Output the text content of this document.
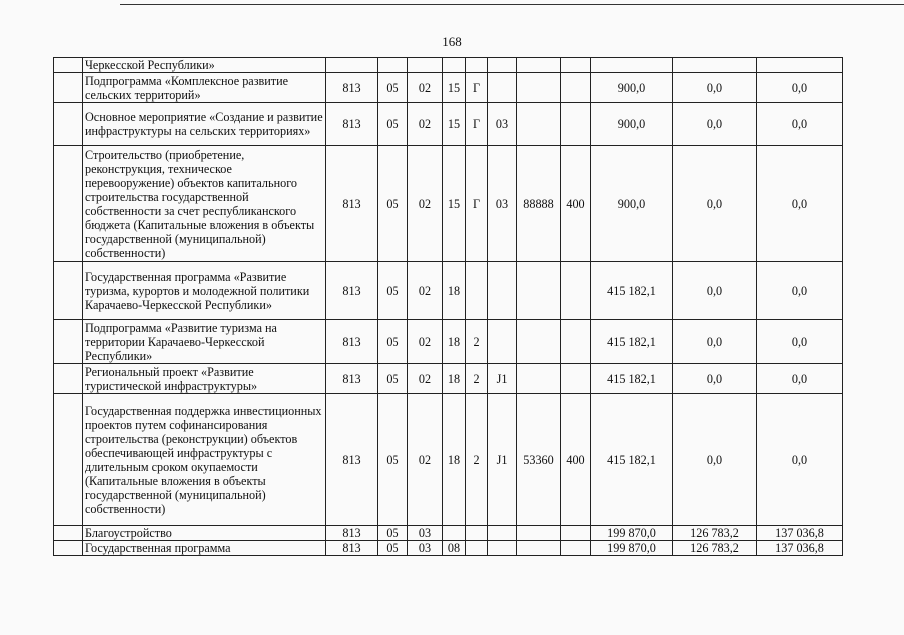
168
	Черкесской Республики»											
	Подпрограмма «Комплексное развитие сельских территорий»	813	05	02	15	Г				900,0	0,0	0,0
	Основное мероприятие «Создание и развитие инфраструктуры на сельских территориях»	813	05	02	15	Г	03			900,0	0,0	0,0
	Строительство (приобретение, реконструкция, техническое перевооружение) объектов капитального строительства государственной собственности за счет республиканского бюджета (Капитальные вложения в объекты государственной (муниципальной) собственности)	813	05	02	15	Г	03	88888	400	900,0	0,0	0,0
	Государственная программа «Развитие туризма, курортов и молодежной политики Карачаево-Черкесской Республики»	813	05	02	18					415 182,1	0,0	0,0
	Подпрограмма «Развитие туризма на территории Карачаево-Черкесской Республики»	813	05	02	18	2				415 182,1	0,0	0,0
	Региональный проект «Развитие туристической инфраструктуры»	813	05	02	18	2	J1			415 182,1	0,0	0,0
	Государственная поддержка инвестиционных проектов путем софинансирования строительства (реконструкции) объектов обеспечивающей инфраструктуры с длительным сроком окупаемости (Капитальные вложения в объекты государственной (муниципальной) собственности)	813	05	02	18	2	J1	53360	400	415 182,1	0,0	0,0
	Благоустройство	813	05	03						199 870,0	126 783,2	137 036,8
	Государственная программа	813	05	03	08					199 870,0	126 783,2	137 036,8
